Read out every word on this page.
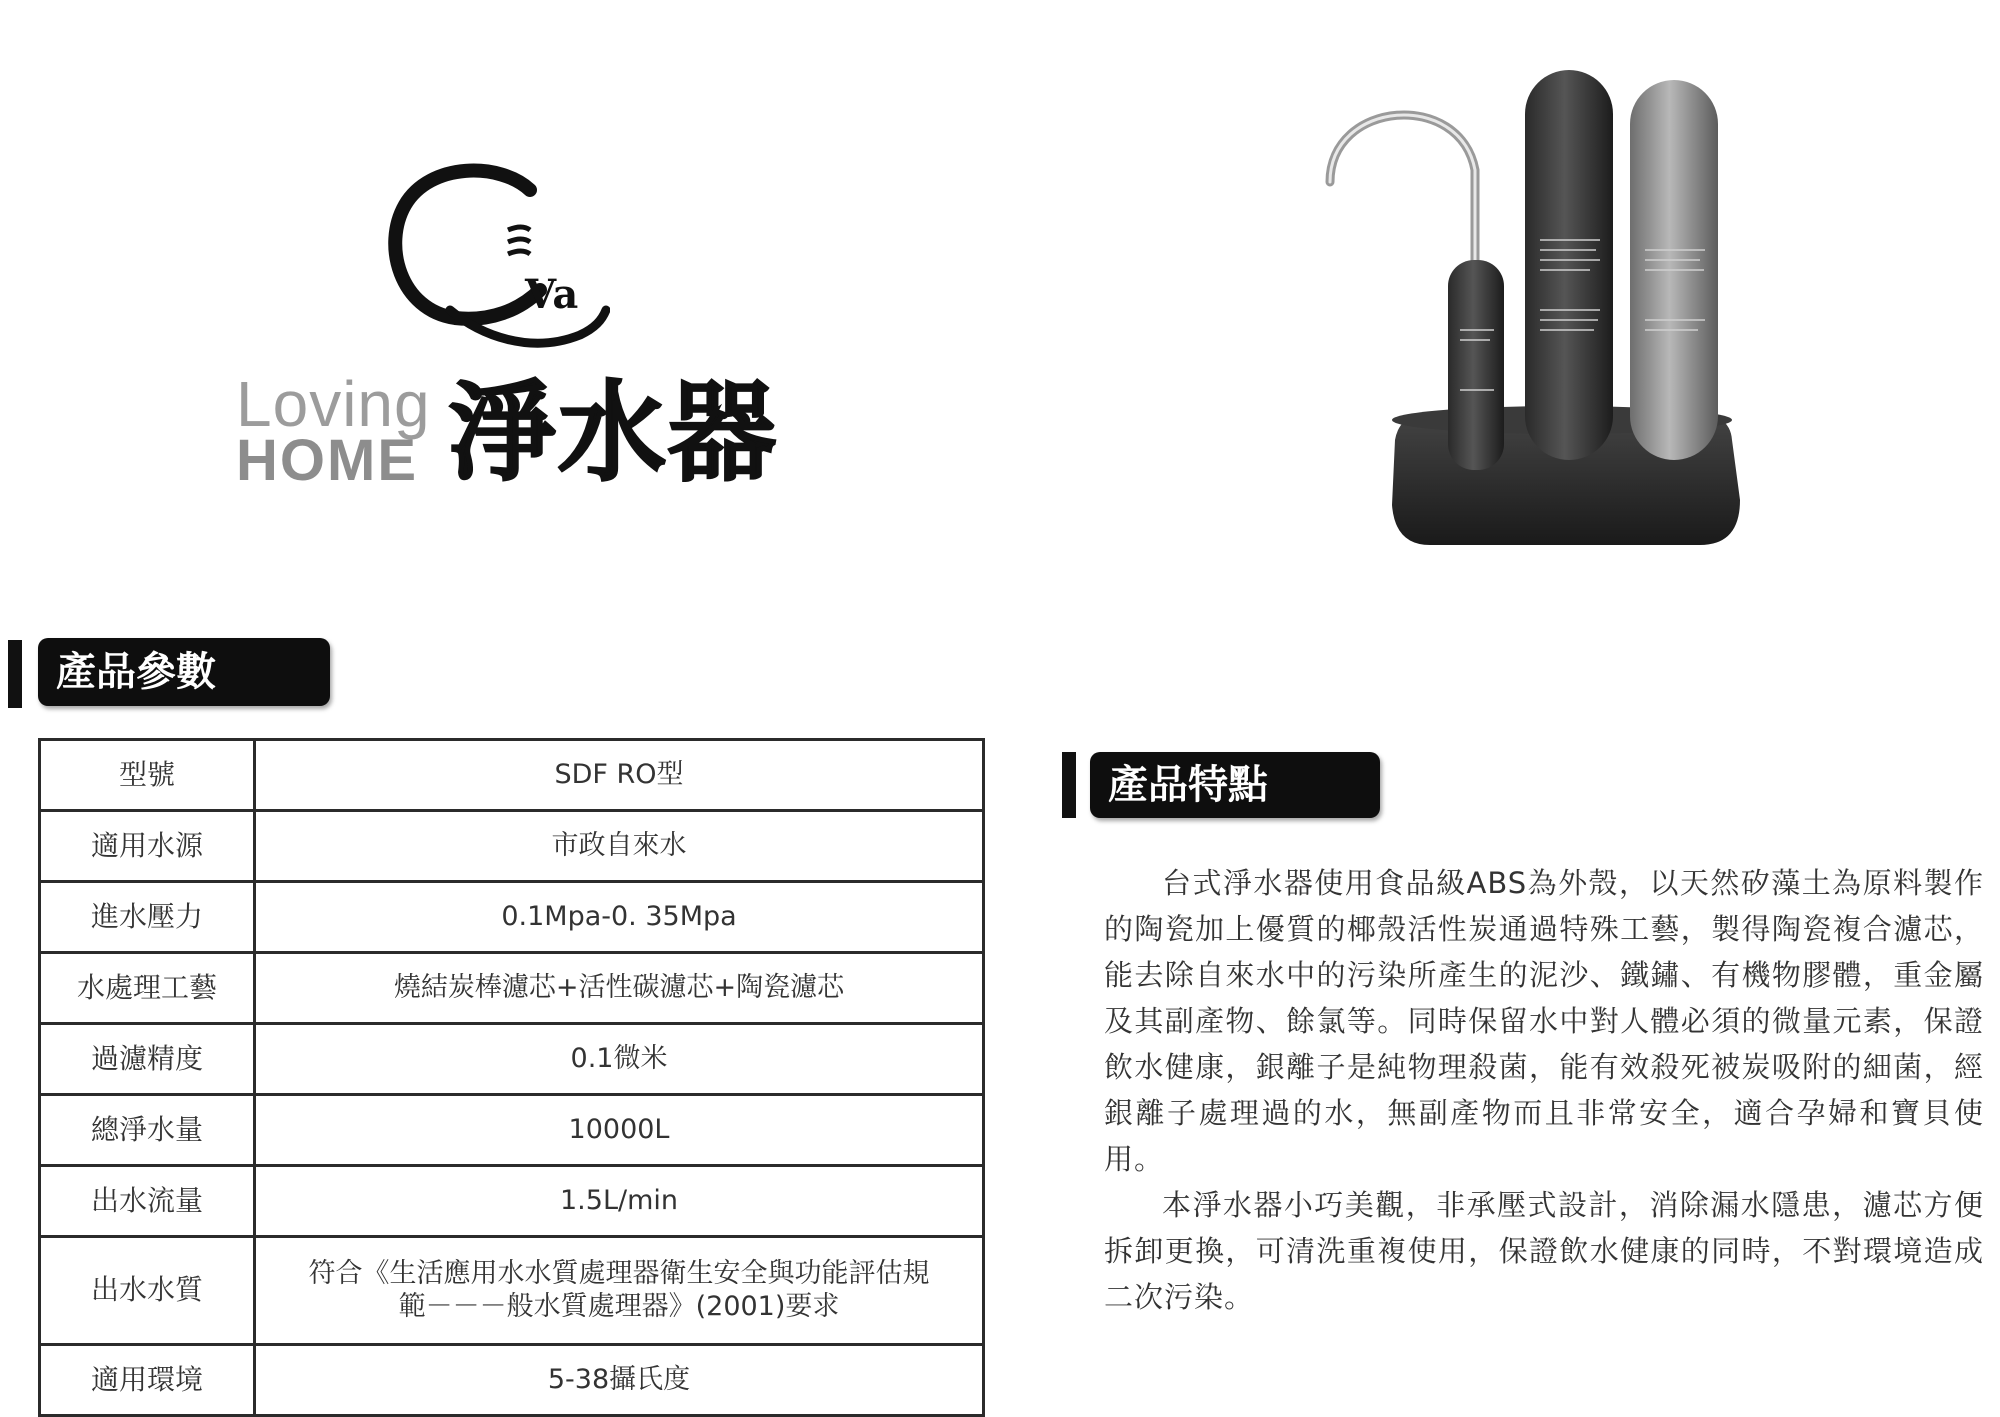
Va
Loving
HOME 淨水器
產品參數
型號	SDF RO型
適用水源	市政自來水
進水壓力	0.1Mpa-0. 35Mpa
水處理工藝	燒結炭棒濾芯+活性碳濾芯+陶瓷濾芯
過濾精度	0.1微米
總淨水量	10000L
出水流量	1.5L/min
出水水質	符合《生活應用水水質處理器衛生安全與功能評估規範－－－般水質處理器》(2001)要求
適用環境	5-38攝氏度
產品特點

台式淨水器使用食品級ABS為外殼，以天然矽藻土為原料製作的陶瓷加上優質的椰殼活性炭通過特殊工藝，製得陶瓷複合濾芯，能去除自來水中的污染所產生的泥沙、鐵鏽、有機物膠體，重金屬及其副產物、餘氯等。同時保留水中對人體必須的微量元素，保證飲水健康，銀離子是純物理殺菌，能有效殺死被炭吸附的細菌，經銀離子處理過的水，無副產物而且非常安全，適合孕婦和寶貝使用。

本淨水器小巧美觀，非承壓式設計，消除漏水隱患，濾芯方便拆卸更換，可清洗重複使用，保證飲水健康的同時，不對環境造成二次污染。
